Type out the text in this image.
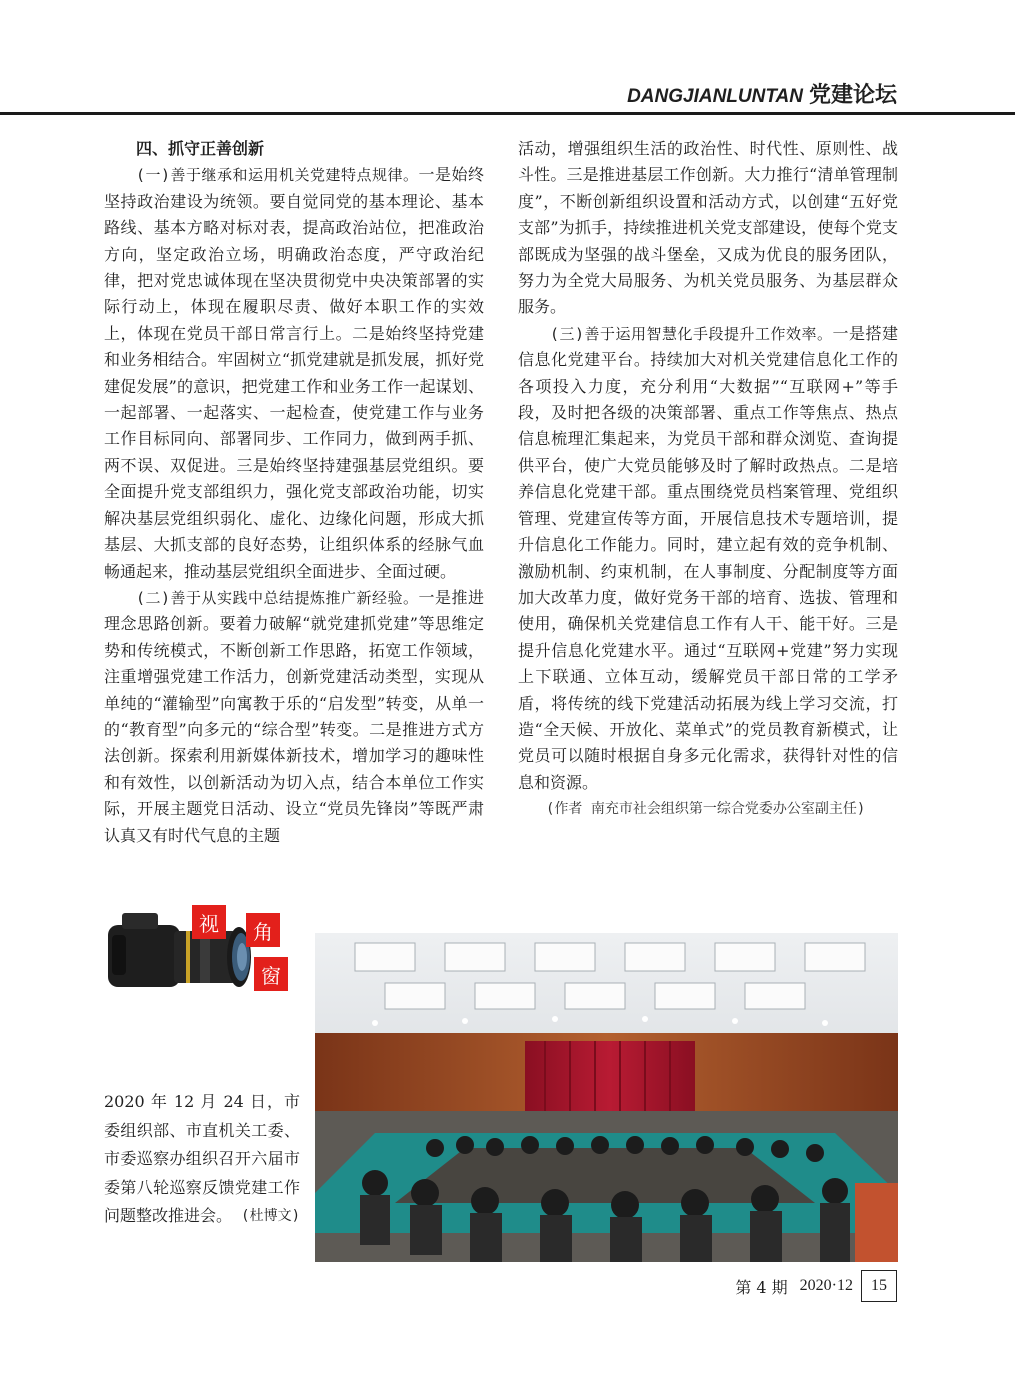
DANGJIANLUNTAN 党建论坛
四、抓守正善创新

(一)善于继承和运用机关党建特点规律。一是始终坚持政治建设为统领。要自觉同党的基本理论、基本路线、基本方略对标对表，提高政治站位，把准政治方向，坚定政治立场，明确政治态度，严守政治纪律，把对党忠诚体现在坚决贯彻党中央决策部署的实际行动上，体现在履职尽责、做好本职工作的实效上，体现在党员干部日常言行上。二是始终坚持党建和业务相结合。牢固树立“抓党建就是抓发展，抓好党建促发展”的意识，把党建工作和业务工作一起谋划、一起部署、一起落实、一起检查，使党建工作与业务工作目标同向、部署同步、工作同力，做到两手抓、两不误、双促进。三是始终坚持建强基层党组织。要全面提升党支部组织力，强化党支部政治功能，切实解决基层党组织弱化、虚化、边缘化问题，形成大抓基层、大抓支部的良好态势，让组织体系的经脉气血畅通起来，推动基层党组织全面进步、全面过硬。

(二)善于从实践中总结提炼推广新经验。一是推进理念思路创新。要着力破解“就党建抓党建”等思维定势和传统模式，不断创新工作思路，拓宽工作领域，注重增强党建工作活力，创新党建活动类型，实现从单纯的“灌输型”向寓教于乐的“启发型”转变，从单一的“教育型”向多元的“综合型”转变。二是推进方式方法创新。探索利用新媒体新技术，增加学习的趣味性和有效性，以创新活动为切入点，结合本单位工作实际，开展主题党日活动、设立“党员先锋岗”等既严肃认真又有时代气息的主题

活动，增强组织生活的政治性、时代性、原则性、战斗性。三是推进基层工作创新。大力推行“清单管理制度”，不断创新组织设置和活动方式，以创建“五好党支部”为抓手，持续推进机关党支部建设，使每个党支部既成为坚强的战斗堡垒，又成为优良的服务团队，努力为全党大局服务、为机关党员服务、为基层群众服务。

(三)善于运用智慧化手段提升工作效率。一是搭建信息化党建平台。持续加大对机关党建信息化工作的各项投入力度，充分利用“大数据”“互联网+”等手段，及时把各级的决策部署、重点工作等焦点、热点信息梳理汇集起来，为党员干部和群众浏览、查询提供平台，使广大党员能够及时了解时政热点。二是培养信息化党建干部。重点围绕党员档案管理、党组织管理、党建宣传等方面，开展信息技术专题培训，提升信息化工作能力。同时，建立起有效的竞争机制、激励机制、约束机制，在人事制度、分配制度等方面加大改革力度，做好党务干部的培育、选拔、管理和使用，确保机关党建信息工作有人干、能干好。三是提升信息化党建水平。通过“互联网+党建”努力实现上下联通、立体互动，缓解党员干部日常的工学矛盾，将传统的线下党建活动拓展为线上学习交流，打造“全天候、开放化、菜单式”的党员教育新模式，让党员可以随时根据自身多元化需求，获得针对性的信息和资源。

(作者 南充市社会组织第一综合党委办公室副主任)

视	角
窗
2020 年 12 月 24 日，市委组织部、市直机关工委、市委巡察办组织召开六届市委第八轮巡察反馈党建工作问题整改推进会。 (杜博文)
第 4 期 2020·12	15
